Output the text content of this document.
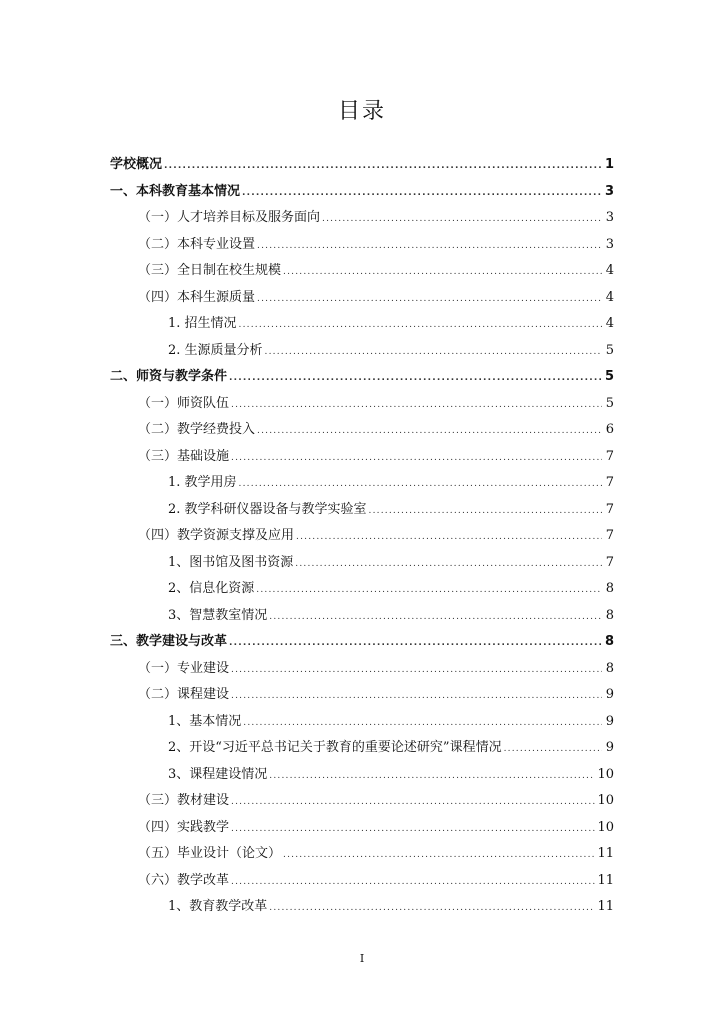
目录
学校概况 .....	1
一、本科教育基本情况 .....	3
（一）人才培养目标及服务面向 .....	3
（二）本科专业设置 .....	3
（三）全日制在校生规模 .....	4
（四）本科生源质量 .....	4
1. 招生情况 .....	4
2. 生源质量分析 .....	5
二、师资与教学条件 .....	5
（一）师资队伍 .....	5
（二）教学经费投入 .....	6
（三）基础设施 .....	7
1. 教学用房 .....	7
2. 教学科研仪器设备与教学实验室 .....	7
（四）教学资源支撑及应用 .....	7
1、图书馆及图书资源 .....	7
2、信息化资源 .....	8
3、智慧教室情况 .....	8
三、教学建设与改革 .....	8
（一）专业建设 .....	8
（二）课程建设 .....	9
1、基本情况 .....	9
2、开设“习近平总书记关于教育的重要论述研究”课程情况 .....	9
3、课程建设情况 .....	10
（三）教材建设 .....	10
（四）实践教学 .....	10
（五）毕业设计（论文） .....	11
（六）教学改革 .....	11
1、教育教学改革 .....	11
I
